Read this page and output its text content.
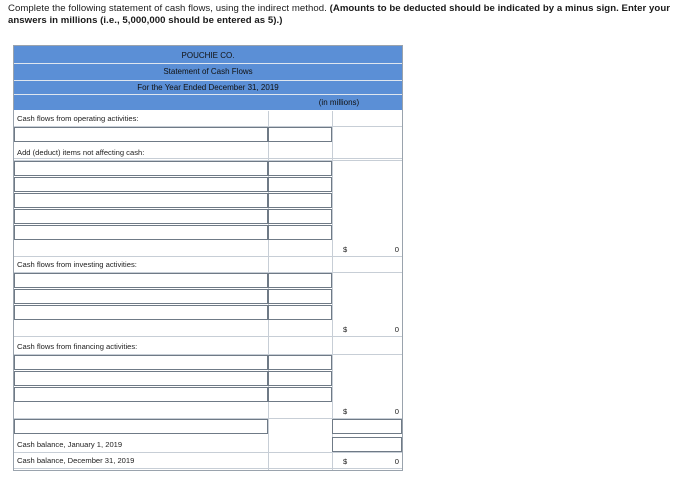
Complete the following statement of cash flows, using the indirect method. (Amounts to be deducted should be indicated by a minus sign. Enter your answers in millions (i.e., 5,000,000 should be entered as 5).)
POUCHIE CO.
Statement of Cash Flows
For the Year Ended December 31, 2019
(in millions)
Cash flows from operating activities:
Add (deduct) items not affecting cash:
$	0
Cash flows from investing activities:
$	0
Cash flows from financing activities:
$	0
Cash balance, January 1, 2019
Cash balance, December 31, 2019	$	0
